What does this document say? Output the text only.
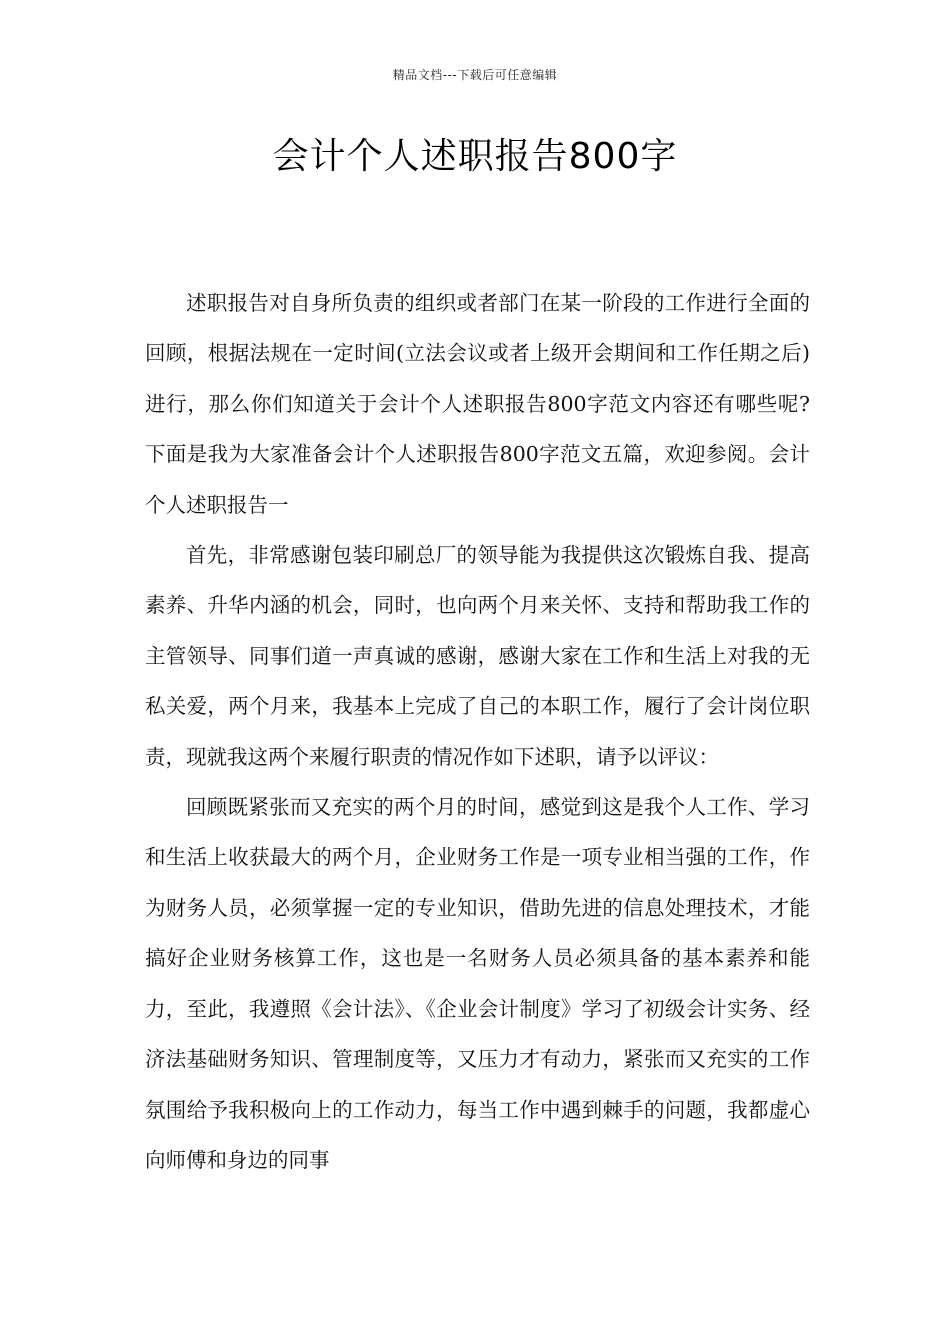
精品文档---下载后可任意编辑
会计个人述职报告800字

述职报告对自身所负责的组织或者部门在某一阶段的工作进行全面的回顾，根据法规在一定时间(立法会议或者上级开会期间和工作任期之后)进行，那么你们知道关于会计个人述职报告800字范文内容还有哪些呢?下面是我为大家准备会计个人述职报告800字范文五篇，欢迎参阅。会计个人述职报告一

首先，非常感谢包装印刷总厂的领导能为我提供这次锻炼自我、提高素养、升华内涵的机会，同时，也向两个月来关怀、支持和帮助我工作的主管领导、同事们道一声真诚的感谢，感谢大家在工作和生活上对我的无私关爱，两个月来，我基本上完成了自己的本职工作，履行了会计岗位职责，现就我这两个来履行职责的情况作如下述职，请予以评议：

回顾既紧张而又充实的两个月的时间，感觉到这是我个人工作、学习和生活上收获最大的两个月，企业财务工作是一项专业相当强的工作，作为财务人员，必须掌握一定的专业知识，借助先进的信息处理技术，才能搞好企业财务核算工作，这也是一名财务人员必须具备的基本素养和能力，至此，我遵照《会计法》、《企业会计制度》学习了初级会计实务、经济法基础财务知识、管理制度等，又压力才有动力，紧张而又充实的工作氛围给予我积极向上的工作动力，每当工作中遇到棘手的问题，我都虚心向师傅和身边的同事
